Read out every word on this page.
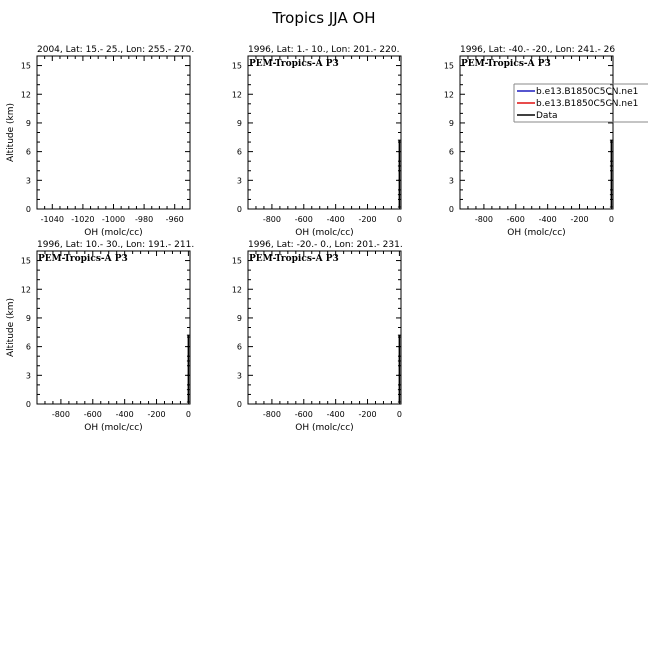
Tropics JJA OH
0
3
6
9
12
15
-1040 -1020 -1000 -980 -960
2004, Lat: 15.- 25., Lon: 255.- 270.
OH (molc/cc)
Altitude (km)
0
3
6
9
12
15
-800 -600 -400 -200	0
1996, Lat: 1.- 10., Lon: 201.- 220.
OH (molc/cc)
PEM-Tropics-A P3
0
3
6
9
12
15
-800 -600 -400 -200	0
1996, Lat: -40.- -20., Lon: 241.- 26
OH (molc/cc)
PEM-Tropics-A P3
0
3
6
9
12
15
-800 -600 -400 -200	0
1996, Lat: 10.- 30., Lon: 191.- 211.
OH (molc/cc)
Altitude (km)
PEM-Tropics-A P3
0
3
6
9
12
15
-800 -600 -400 -200	0
1996, Lat: -20.- 0., Lon: 201.- 231.
OH (molc/cc)
PEM-Tropics-A P3
b.e13.B1850C5CN.ne1
b.e13.B1850C5CN.ne1
Data
